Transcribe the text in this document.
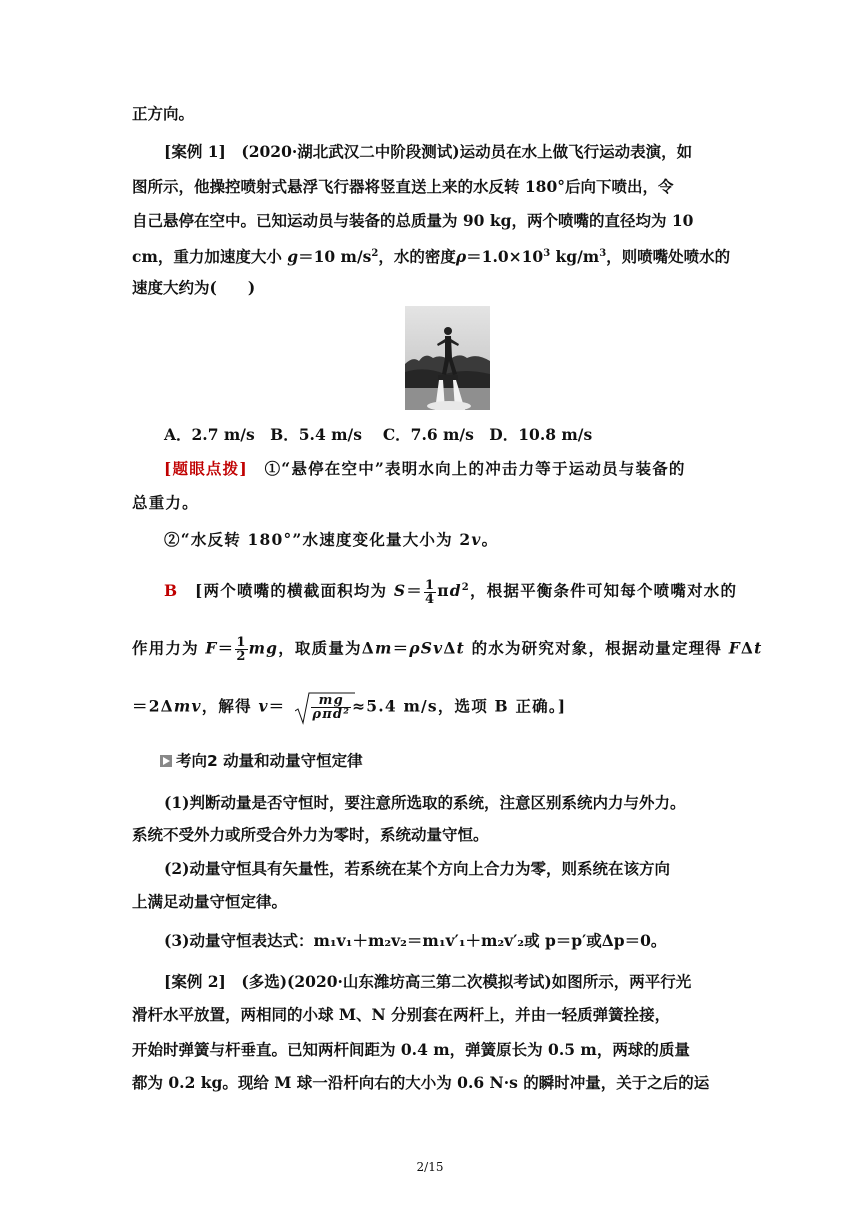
正方向。
[案例 1]　 (2020·湖北武汉二中阶段测试)运动员在水上做飞行运动表演，如
图所示，他操控喷射式悬浮飞行器将竖直送上来的水反转 180°后向下喷出，令
自己悬停在空中。已知运动员与装备的总质量为 90 kg，两个喷嘴的直径均为 10
cm，重力加速度大小 g＝10 $m/s^2$，水的密度$\rho=1.0\times 10^3$ $kg/m^3$，则喷嘴处喷水的
速度大约为(　　)
A．2.7 m/s　B．5.4 m/s　 C．7.6 m/s　D．10.8 m/s
[题眼点拨]　①“悬停在空中”表明水向上的冲击力等于运动员与装备的
总重力。
②“水反转 180°”水速度变化量大小为 2v。
B　[两个喷嘴的横截面积均为 $S= \frac{1}{4} \pi d^2$，根据平衡条件可知每个喷嘴对水的
作用力为 $F= \frac{1}{2}$ mg，取质量为Δm＝ρSvΔt 的水为研究对象，根据动量定理得 FΔt
＝2Δmv，解得 $v= \frac{mg}{\text{ρπd²}} \approx 5.4$ m/s，选项 B 正确。]
考向2 动量和动量守恒定律
(1)判断动量是否守恒时，要注意所选取的系统，注意区别系统内力与外力。
系统不受外力或所受合外力为零时，系统动量守恒。
(2)动量守恒具有矢量性，若系统在某个方向上合力为零，则系统在该方向
上满足动量守恒定律。
(3)动量守恒表达式：m₁v₁＋m₂v₂＝m₁v′₁＋m₂v′₂或 p＝p′或Δp＝0。
[案例 2]　 (多选)(2020·山东潍坊高三第二次模拟考试)如图所示，两平行光
滑杆水平放置，两相同的小球 M、N 分别套在两杆上，并由一轻质弹簧拴接，
开始时弹簧与杆垂直。已知两杆间距为 0.4 m，弹簧原长为 0.5 m，两球的质量
都为 0.2 kg。现给 M 球一沿杆向右的大小为 0.6 N·s 的瞬时冲量，关于之后的运
2/15
